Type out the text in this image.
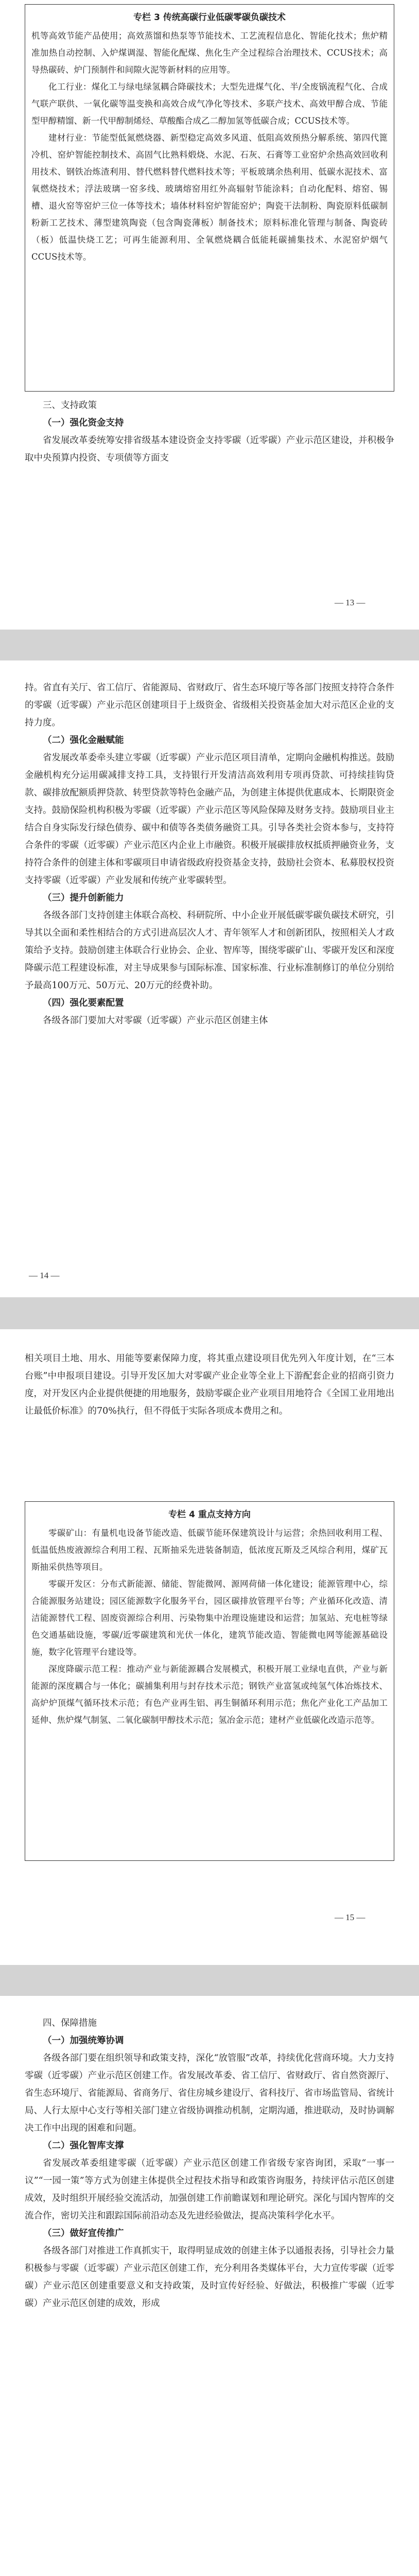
专栏 3 传统高碳行业低碳零碳负碳技术

机等高效节能产品使用；高效蒸馏和热泵等节能技术、工艺流程信息化、智能化技术；焦炉精准加热自动控制、入炉煤调湿、智能化配煤、焦化生产全过程综合治理技术、CCUS技术；高导热碳砖、炉门预制件和间隙火泥等新材料的应用等。

化工行业：煤化工与绿电绿氢耦合降碳技术；大型先进煤气化、半/全废锅流程气化、合成气联产联供、一氧化碳等温变换和高效合成气净化等技术、多联产技术、高效甲醇合成、节能型甲醇精馏、新一代甲醇制烯烃、草酸酯合成乙二醇加氢等低碳合成；CCUS技术等。

建材行业：节能型低氮燃烧器、新型稳定高效多风道、低阻高效预热分解系统、第四代篦冷机、窑炉智能控制技术、高固气比熟料煅烧、水泥、石灰、石膏等工业窑炉余热高效回收利用技术、钢铁冶炼渣利用、替代燃料替代燃料技术等；平板玻璃余热利用、低碳水泥技术、富氧燃烧技术；浮法玻璃一窑多线、玻璃熔窑用红外高辐射节能涂料；自动化配料、熔窑、锡槽、退火窑等窑炉三位一体等技术；墙体材料窑炉智能窑炉；陶瓷干法制粉、陶瓷原料低碳制粉新工艺技术、薄型建筑陶瓷（包含陶瓷薄板）制备技术；原料标准化管理与制备、陶瓷砖（板）低温快烧工艺；可再生能源利用、全氧燃烧耦合低能耗碳捕集技术、水泥窑炉烟气CCUS技术等。

三、支持政策

（一）强化资金支持

省发展改革委统筹安排省级基本建设资金支持零碳（近零碳）产业示范区建设，并积极争取中央预算内投资、专项债等方面支

— 13 —

持。省直有关厅、省工信厅、省能源局、省财政厅、省生态环境厅等各部门按照支持符合条件的零碳（近零碳）产业示范区创建项目于上级资金、省级相关投资基金加大对示范区企业的支持力度。

（二）强化金融赋能

省发展改革委牵头建立零碳（近零碳）产业示范区项目清单，定期向金融机构推送。鼓励金融机构充分运用碳减排支持工具，支持银行开发清洁高效利用专项再贷款、可持续挂钩贷款、碳排放配额质押贷款、转型贷款等特色金融产品，为创建主体提供优惠成本、长期限资金支持。鼓励保险机构积极为零碳（近零碳）产业示范区等风险保障及财务支持。鼓励项目业主结合自身实际发行绿色债券、碳中和债等各类债务融资工具。引导各类社会资本参与，支持符合条件的零碳（近零碳）产业示范区内企业上市融资。积极开展碳排放权抵质押融资业务，支持符合条件的创建主体和零碳项目申请省级政府投资基金支持，鼓励社会资本、私募股权投资支持零碳（近零碳）产业发展和传统产业零碳转型。

（三）提升创新能力

各级各部门支持创建主体联合高校、科研院所、中小企业开展低碳零碳负碳技术研究，引导其以全面和柔性相结合的方式引进高层次人才、青年领军人才和创新团队，按照相关人才政策给予支持。鼓励创建主体联合行业协会、企业、智库等，围绕零碳矿山、零碳开发区和深度降碳示范工程建设标准，对主导成果参与国际标准、国家标准、行业标准制修订的单位分别给予最高100万元、50万元、20万元的经费补助。

（四）强化要素配置

各级各部门要加大对零碳（近零碳）产业示范区创建主体

— 14 —

相关项目土地、用水、用能等要素保障力度，将其重点建设项目优先列入年度计划，在“三本台账”中申报项目建设。引导开发区加大对零碳产业企业等全业上下游配套企业的招商引资力度，对开发区内企业提供便捷的用地服务，鼓励零碳企业产业项目用地符合《全国工业用地出让最低价标准》的70%执行，但不得低于实际各项成本费用之和。

专栏 4 重点支持方向

零碳矿山：有量机电设备节能改造、低碳节能环保建筑设计与运营；余热回收利用工程、低温低热废液源综合利用工程、瓦斯抽采先进装备制造，低浓度瓦斯及乏风综合利用，煤矿瓦斯抽采供热等项目。

零碳开发区：分布式新能源、储能、智能微网、源网荷储一体化建设；能源管理中心，综合能源服务站建设；园区能源数字化服务平台，园区碳排放管理平台等；产业循环化改造、清洁能源替代工程、固废资源综合利用、污染物集中治理设施建设和运营；加氢站、充电桩等绿色交通基础设施，零碳/近零碳建筑和光伏一体化，建筑节能改造、智能微电网等能源基础设施，数字化管理平台建设等。

深度降碳示范工程：推动产业与新能源耦合发展模式，积极开展工业绿电直供，产业与新能源的深度耦合与一体化；碳捕集利用与封存技术示范；钢铁产业富氢或纯氢气体冶炼技术、高炉炉顶煤气循环技术示范；有色产业再生铝、再生铜循环利用示范；焦化产业化工产品加工延伸、焦炉煤气制氢、二氧化碳制甲醇技术示范；氢冶金示范；建材产业低碳化改造示范等。

— 15 —

四、保障措施

（一）加强统筹协调

各级各部门要在组织领导和政策支持，深化“放管服”改革，持续优化营商环境。大力支持零碳（近零碳）产业示范区创建工作。省发展改革委、省工信厅、省财政厅、省自然资源厅、省生态环境厅、省能源局、省商务厅、省住房城乡建设厅、省科技厅、省市场监管局、省统计局、人行太原中心支行等相关部门建立省级协调推动机制，定期沟通，推进联动，及时协调解决工作中出现的困难和问题。

（二）强化智库支撑

省发展改革委组建零碳（近零碳）产业示范区创建工作省级专家咨询团，采取“一事一议”“一园一策”等方式为创建主体提供全过程技术指导和政策咨询服务，持续评估示范区创建成效，及时组织开展经验交流活动，加强创建工作前瞻谋划和理论研究。深化与国内智库的交流合作，密切关注和跟踪国际前沿动态及先进经验做法，提高决策科学化水平。

（三）做好宣传推广

各级各部门对推进工作真抓实干，取得明显成效的创建主体予以通报表扬，引导社会力量积极参与零碳（近零碳）产业示范区创建工作，充分利用各类媒体平台，大力宣传零碳（近零碳）产业示范区创建重要意义和支持政策，及时宣传好经验、好做法，积极推广零碳（近零碳）产业示范区创建的成效，形成
